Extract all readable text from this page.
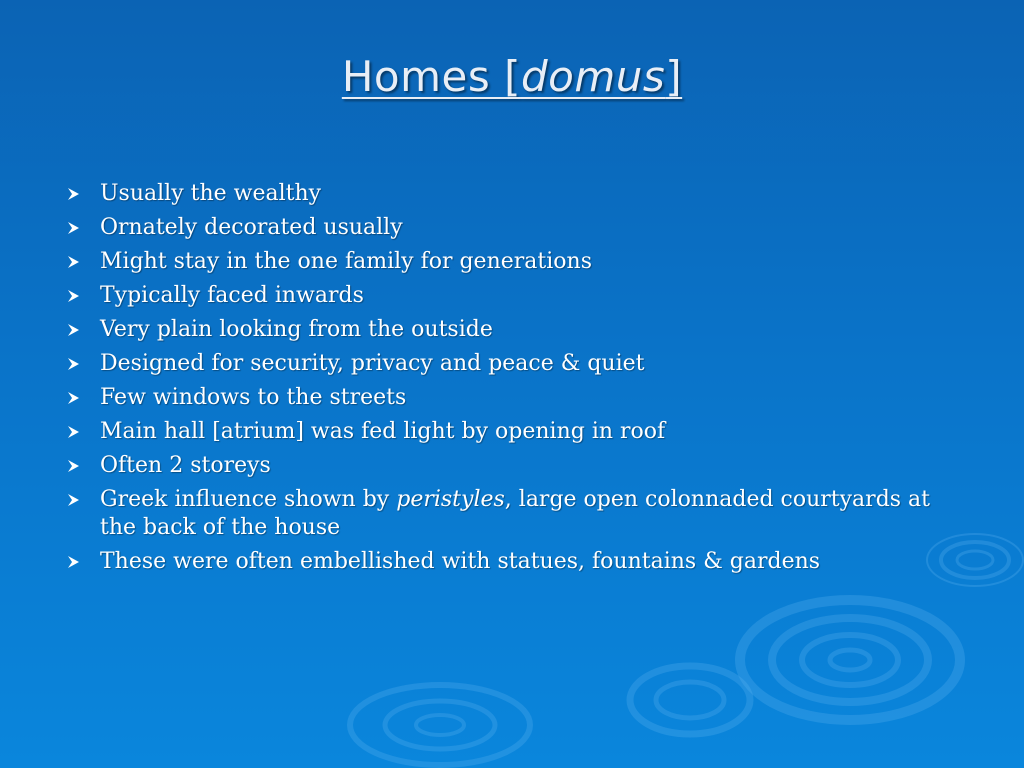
Homes [domus]
Usually the wealthy
Ornately decorated usually
Might stay in the one family for generations
Typically faced inwards
Very plain looking from the outside
Designed for security, privacy and peace & quiet
Few windows to the streets
Main hall [atrium] was fed light by opening in roof
Often 2 storeys
Greek influence shown by peristyles, large open colonnaded courtyards at the back of the house
These were often embellished with statues, fountains & gardens
